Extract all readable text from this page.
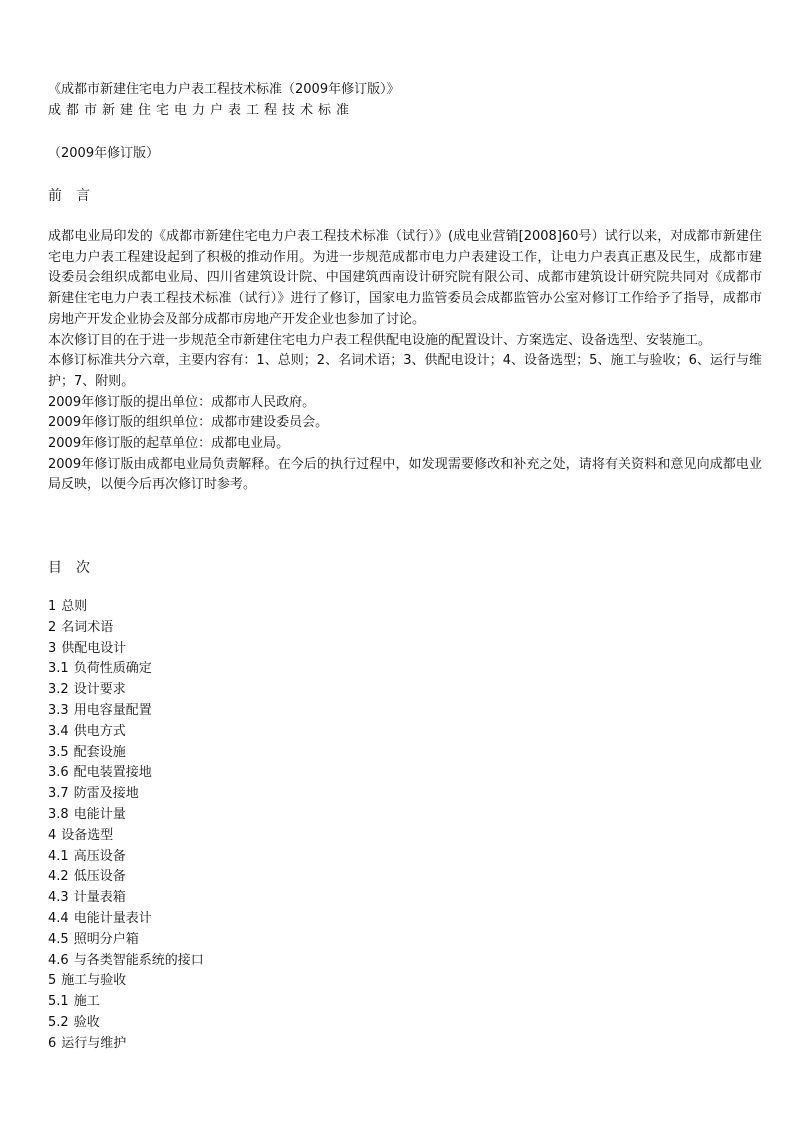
《成都市新建住宅电力户表工程技术标准（2009年修订版）》
成都市新建住宅电力户表工程技术标准
（2009年修订版）
前言

成都电业局印发的《成都市新建住宅电力户表工程技术标准（试行）》(成电业营销[2008]60号）试行以来，对成都市新建住宅电力户表工程建设起到了积极的推动作用。为进一步规范成都市电力户表建设工作，让电力户表真正惠及民生，成都市建设委员会组织成都电业局、四川省建筑设计院、中国建筑西南设计研究院有限公司、成都市建筑设计研究院共同对《成都市新建住宅电力户表工程技术标准（试行）》进行了修订，国家电力监管委员会成都监管办公室对修订工作给予了指导，成都市房地产开发企业协会及部分成都市房地产开发企业也参加了讨论。

本次修订目的在于进一步规范全市新建住宅电力户表工程供配电设施的配置设计、方案选定、设备选型、安装施工。

本修订标准共分六章，主要内容有：1、总则；2、名词术语；3、供配电设计；4、设备选型；5、施工与验收；6、运行与维护；7、附则。

2009年修订版的提出单位：成都市人民政府。

2009年修订版的组织单位：成都市建设委员会。

2009年修订版的起草单位：成都电业局。

2009年修订版由成都电业局负责解释。在今后的执行过程中，如发现需要修改和补充之处，请将有关资料和意见向成都电业局反映，以便今后再次修订时参考。

目次
1 总则
2 名词术语
3 供配电设计
3.1 负荷性质确定
3.2 设计要求
3.3 用电容量配置
3.4 供电方式
3.5 配套设施
3.6 配电装置接地
3.7 防雷及接地
3.8 电能计量
4 设备选型
4.1 高压设备
4.2 低压设备
4.3 计量表箱
4.4 电能计量表计
4.5 照明分户箱
4.6 与各类智能系统的接口
5 施工与验收
5.1 施工
5.2 验收
6 运行与维护
